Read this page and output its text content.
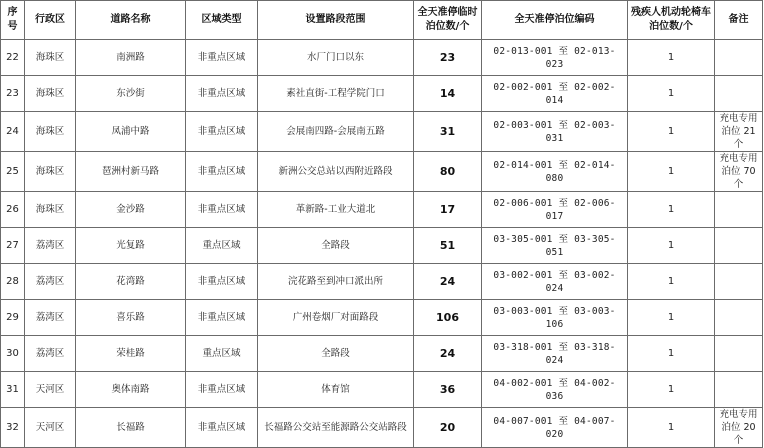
序号	行政区	道路名称	区域类型	设置路段范围	全天准停临时泊位数/个	全天准停泊位编码	残疾人机动轮椅车泊位数/个	备注
22	海珠区	南洲路	非重点区域	水厂门口以东	23	02-013-001 至 02-013-023	1	
23	海珠区	东沙街	非重点区域	素社直街-工程学院门口	14	02-002-001 至 02-002-014	1	
24	海珠区	凤浦中路	非重点区域	会展南四路-会展南五路	31	02-003-001 至 02-003-031	1	充电专用泊位 21 个
25	海珠区	琶洲村新马路	非重点区域	新洲公交总站以西附近路段	80	02-014-001 至 02-014-080	1	充电专用泊位 70 个
26	海珠区	金沙路	非重点区域	革新路-工业大道北	17	02-006-001 至 02-006-017	1	
27	荔湾区	光复路	重点区域	全路段	51	03-305-001 至 03-305-051	1	
28	荔湾区	花湾路	非重点区域	浣花路至到冲口派出所	24	03-002-001 至 03-002-024	1	
29	荔湾区	喜乐路	非重点区域	广州卷烟厂对面路段	106	03-003-001 至 03-003-106	1	
30	荔湾区	荣桂路	重点区域	全路段	24	03-318-001 至 03-318-024	1	
31	天河区	奥体南路	非重点区域	体育馆	36	04-002-001 至 04-002-036	1	
32	天河区	长福路	非重点区域	长福路公交站至能源路公交站路段	20	04-007-001 至 04-007-020	1	充电专用泊位 20 个
